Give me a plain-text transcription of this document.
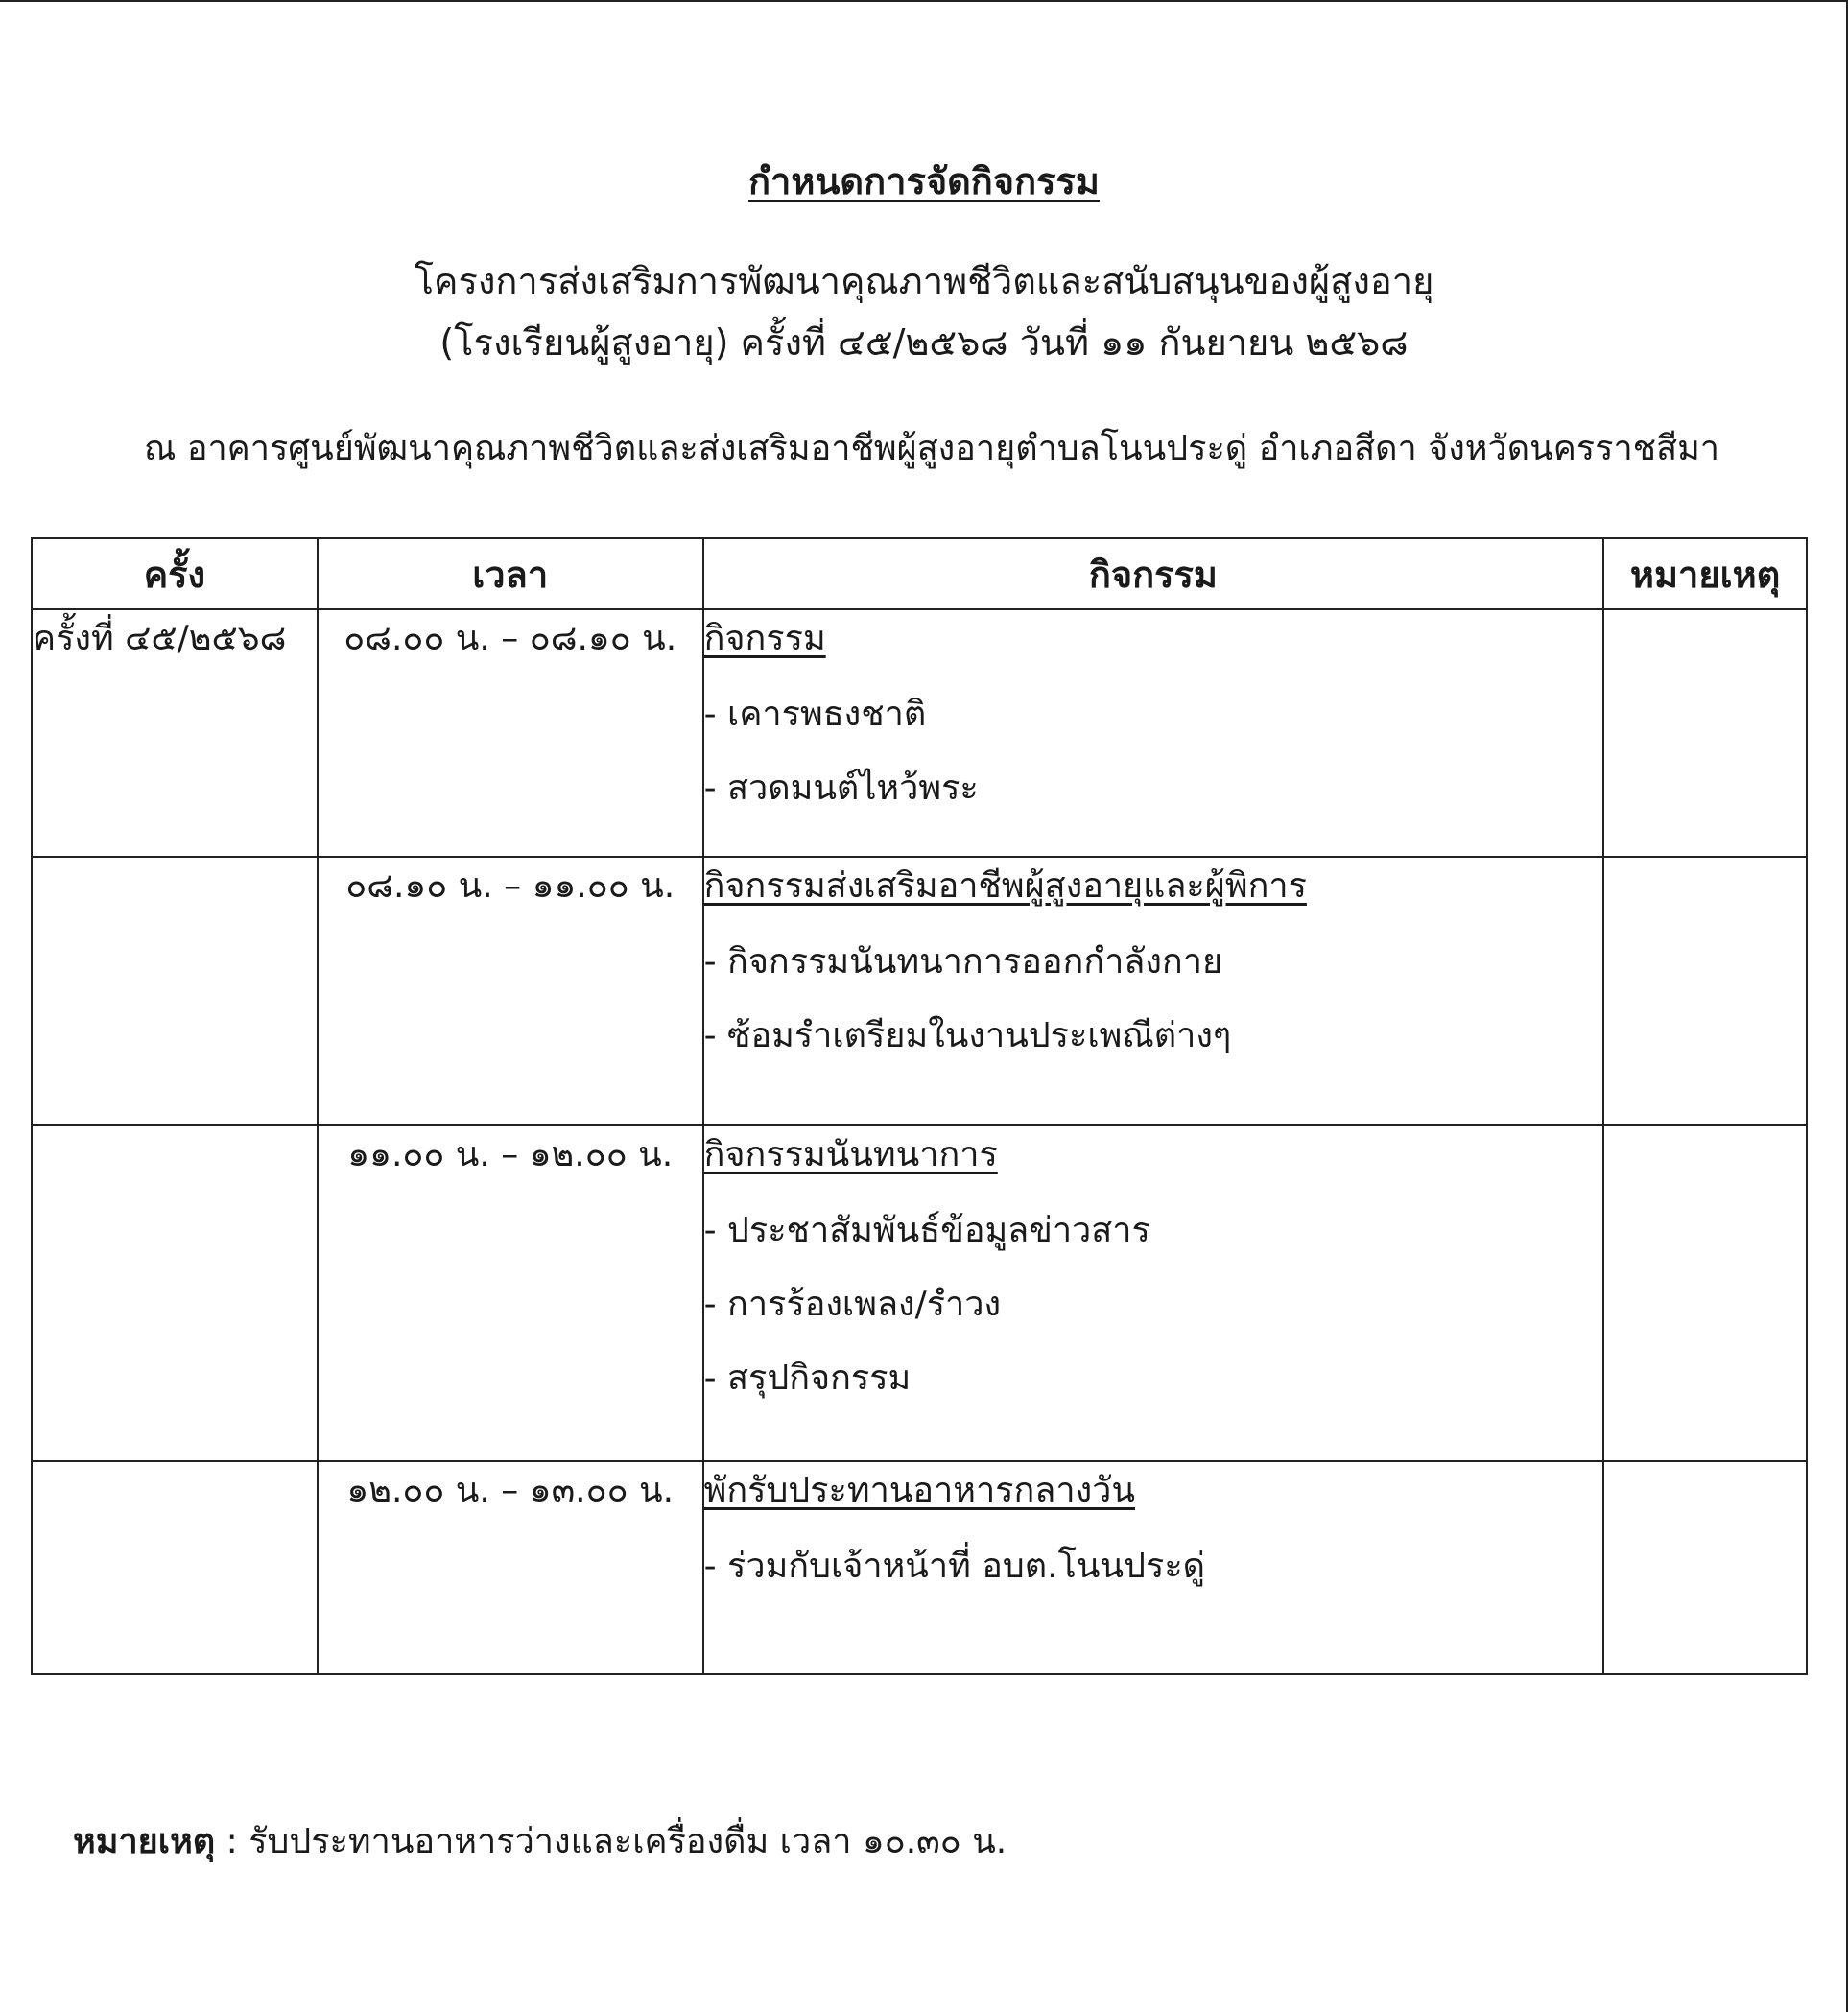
กำหนดการจัดกิจกรรม
โครงการส่งเสริมการพัฒนาคุณภาพชีวิตและสนับสนุนของผู้สูงอายุ
(โรงเรียนผู้สูงอายุ) ครั้งที่ ๔๕/๒๕๖๘ วันที่ ๑๑ กันยายน ๒๕๖๘
ณ อาคารศูนย์พัฒนาคุณภาพชีวิตและส่งเสริมอาชีพผู้สูงอายุตำบลโนนประดู่ อำเภอสีดา จังหวัดนครราชสีมา
ครั้ง	เวลา	กิจกรรม	หมายเหตุ
ครั้งที่ ๔๕/๒๕๖๘	๐๘.๐๐ น. – ๐๘.๑๐ น.	กิจกรรม
- เคารพธงชาติ
- สวดมนต์ไหว้พระ	

	๐๘.๑๐ น. – ๑๑.๐๐ น.	กิจกรรมส่งเสริมอาชีพผู้สูงอายุและผู้พิการ
- กิจกรรมนันทนาการออกกำลังกาย
- ซ้อมรำเตรียมในงานประเพณีต่างๆ	

	๑๑.๐๐ น. – ๑๒.๐๐ น.	กิจกรรมนันทนาการ
- ประชาสัมพันธ์ข้อมูลข่าวสาร
- การร้องเพลง/รำวง
- สรุปกิจกรรม	

	๑๒.๐๐ น. – ๑๓.๐๐ น.	พักรับประทานอาหารกลางวัน
- ร่วมกับเจ้าหน้าที่ อบต.โนนประดู่	

หมายเหตุ : รับประทานอาหารว่างและเครื่องดื่ม เวลา ๑๐.๓๐ น.
